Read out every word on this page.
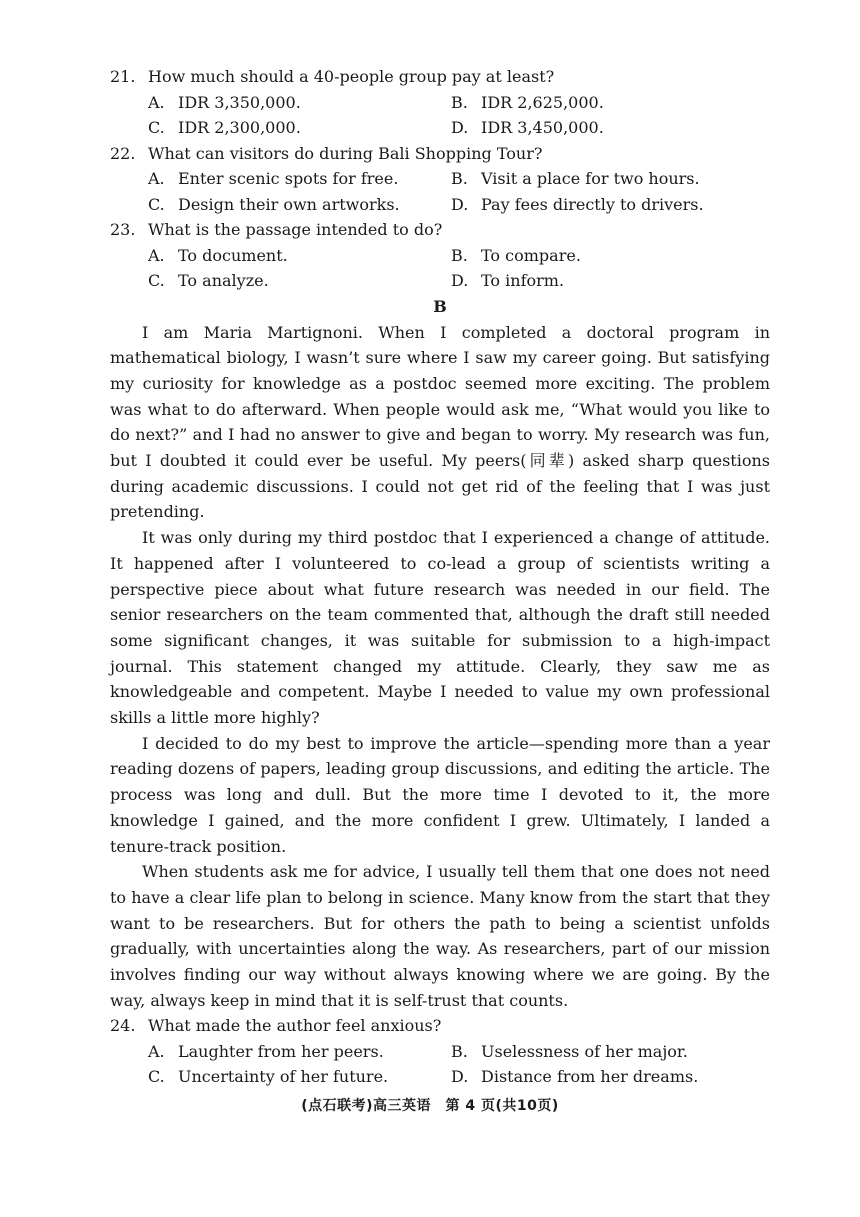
21. How much should a 40-people group pay at least?
A. IDR 3,350,000.	B. IDR 2,625,000.
C. IDR 2,300,000.	D. IDR 3,450,000.
22. What can visitors do during Bali Shopping Tour?
A. Enter scenic spots for free.	B. Visit a place for two hours.
C. Design their own artworks.	D. Pay fees directly to drivers.
23. What is the passage intended to do?
A. To document.	B. To compare.
C. To analyze.	D. To inform.
B

I am Maria Martignoni. When I completed a doctoral program in mathematical biology, I wasn’t sure where I saw my career going. But satisfying my curiosity for knowledge as a postdoc seemed more exciting. The problem was what to do afterward. When people would ask me, “What would you like to do next?” and I had no answer to give and began to worry. My research was fun, but I doubted it could ever be useful. My peers(同辈) asked sharp questions during academic discussions. I could not get rid of the feeling that I was just pretending.

It was only during my third postdoc that I experienced a change of attitude. It happened after I volunteered to co-lead a group of scientists writing a perspective piece about what future research was needed in our field. The senior researchers on the team commented that, although the draft still needed some significant changes, it was suitable for submission to a high-impact journal. This statement changed my attitude. Clearly, they saw me as knowledgeable and competent. Maybe I needed to value my own professional skills a little more highly?

I decided to do my best to improve the article—spending more than a year reading dozens of papers, leading group discussions, and editing the article. The process was long and dull. But the more time I devoted to it, the more knowledge I gained, and the more confident I grew. Ultimately, I landed a tenure-track position.

When students ask me for advice, I usually tell them that one does not need to have a clear life plan to belong in science. Many know from the start that they want to be researchers. But for others the path to being a scientist unfolds gradually, with uncertainties along the way. As researchers, part of our mission involves finding our way without always knowing where we are going. By the way, always keep in mind that it is self-trust that counts.

24. What made the author feel anxious?
A. Laughter from her peers.	B. Uselessness of her major.
C. Uncertainty of her future.	D. Distance from her dreams.
(点石联考)高三英语　第 4 页(共10页)
